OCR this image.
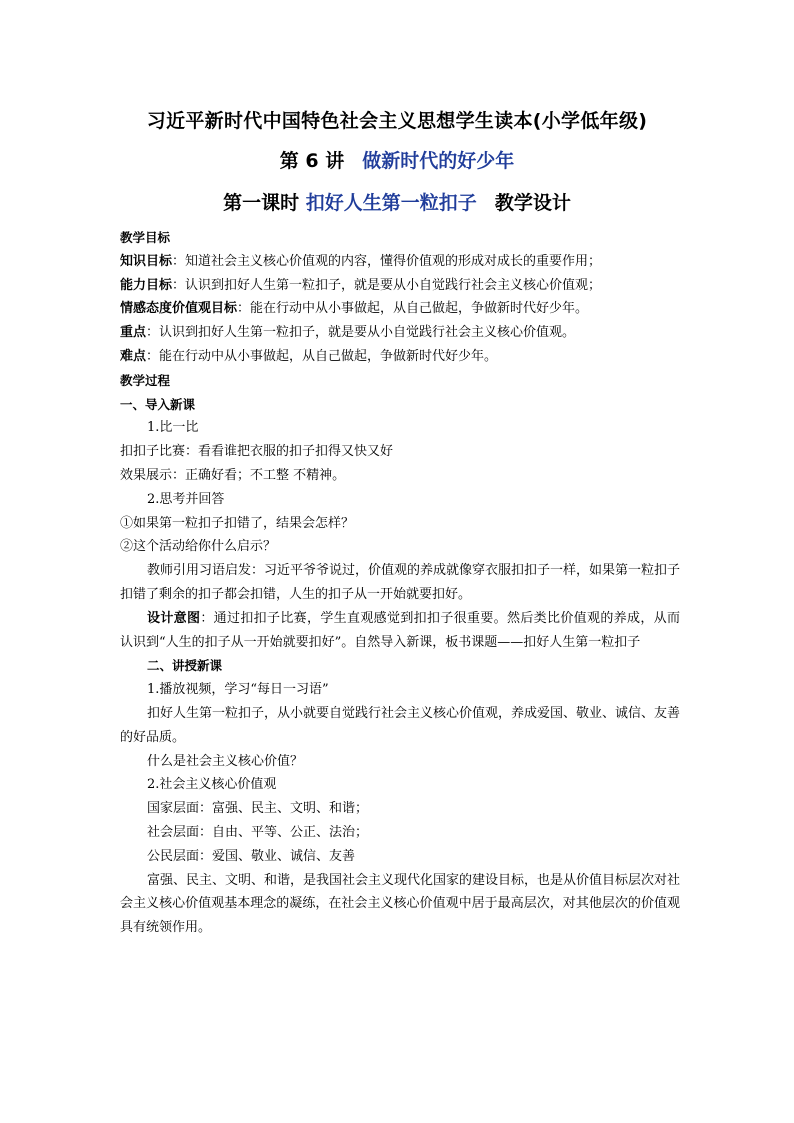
习近平新时代中国特色社会主义思想学生读本(小学低年级)
第 6 讲 做新时代的好少年
第一课时 扣好人生第一粒扣子 教学设计
教学目标
知识目标：知道社会主义核心价值观的内容，懂得价值观的形成对成长的重要作用；
能力目标：认识到扣好人生第一粒扣子，就是要从小自觉践行社会主义核心价值观；
情感态度价值观目标：能在行动中从小事做起，从自己做起，争做新时代好少年。
重点：认识到扣好人生第一粒扣子，就是要从小自觉践行社会主义核心价值观。
难点：能在行动中从小事做起，从自己做起，争做新时代好少年。
教学过程
一、导入新课
1.比一比
扣扣子比赛：看看谁把衣服的扣子扣得又快又好
效果展示：正确好看；不工整 不精神。
2.思考并回答
①如果第一粒扣子扣错了，结果会怎样？
②这个活动给你什么启示？
教师引用习语启发：习近平爷爷说过，价值观的养成就像穿衣服扣扣子一样，如果第一粒扣子扣错了剩余的扣子都会扣错，人生的扣子从一开始就要扣好。
设计意图：通过扣扣子比赛，学生直观感觉到扣扣子很重要。然后类比价值观的养成，从而认识到“人生的扣子从一开始就要扣好”。自然导入新课，板书课题——扣好人生第一粒扣子
二、讲授新课
1.播放视频，学习“每日一习语”
扣好人生第一粒扣子，从小就要自觉践行社会主义核心价值观，养成爱国、敬业、诚信、友善的好品质。
什么是社会主义核心价值？
2.社会主义核心价值观
国家层面：富强、民主、文明、和谐；
社会层面：自由、平等、公正、法治；
公民层面：爱国、敬业、诚信、友善
富强、民主、文明、和谐，是我国社会主义现代化国家的建设目标，也是从价值目标层次对社会主义核心价值观基本理念的凝练，在社会主义核心价值观中居于最高层次，对其他层次的价值观具有统领作用。
